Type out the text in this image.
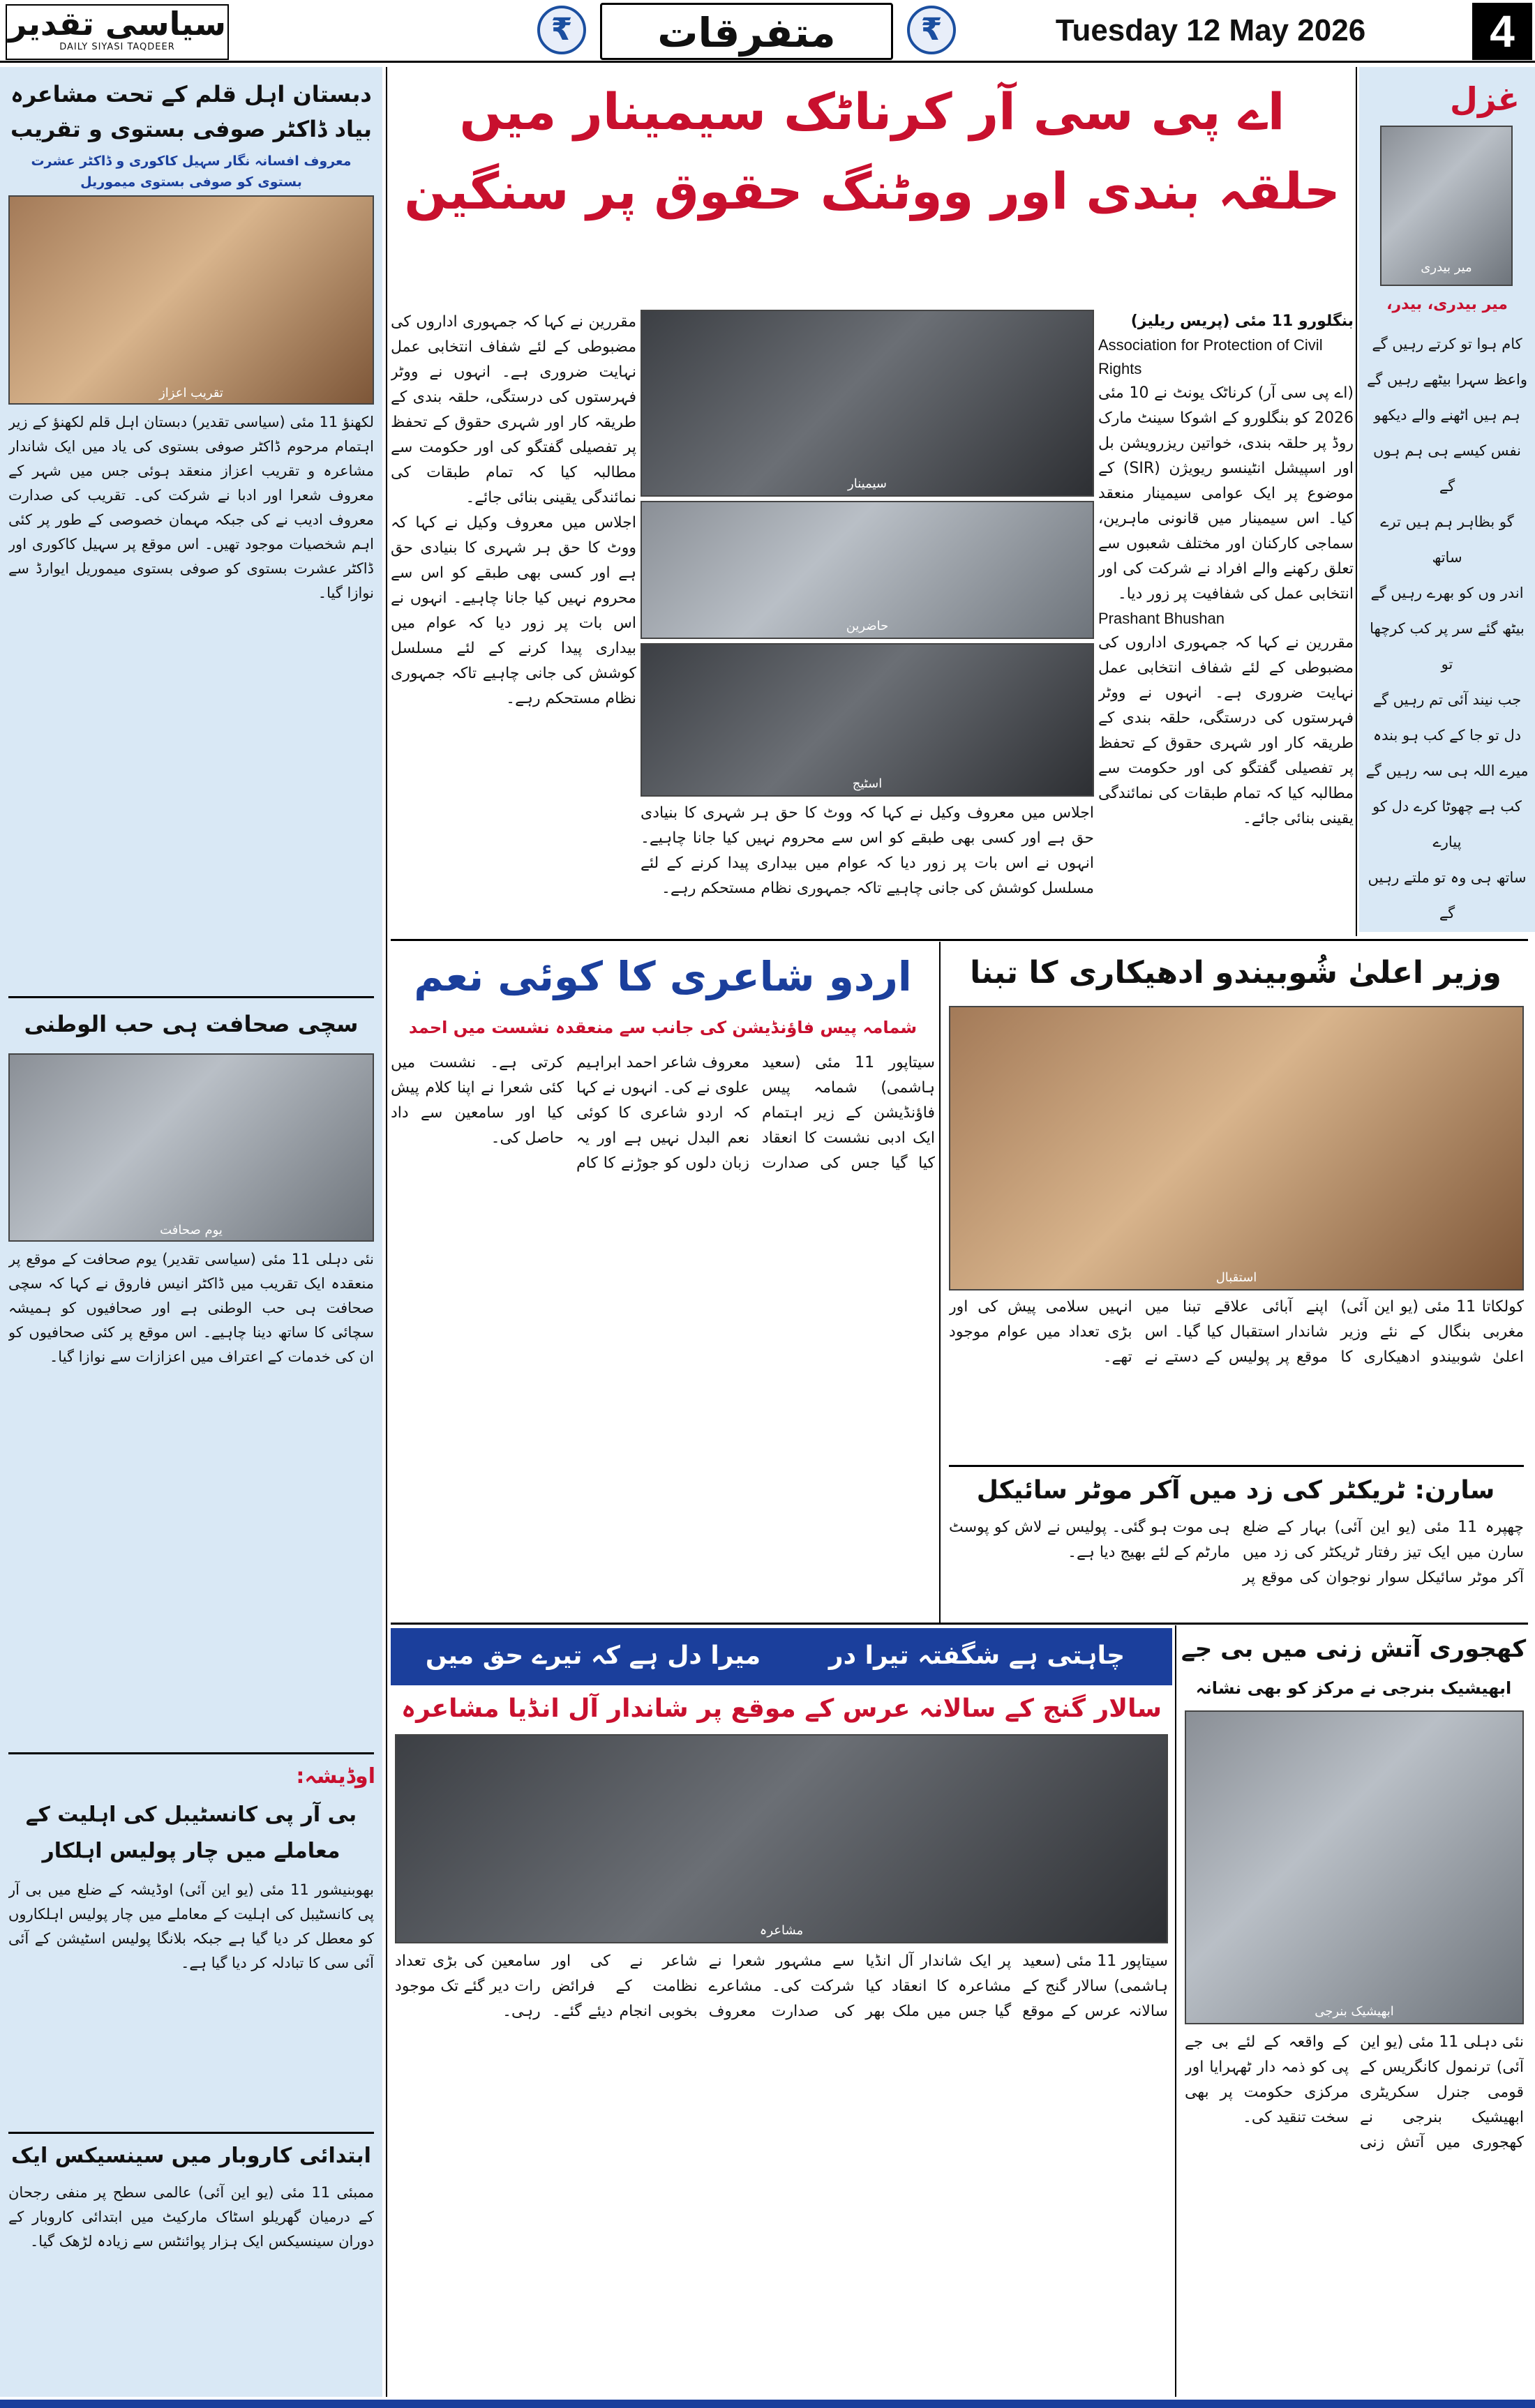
سیاسی تقدیر
DAILY SIYASI TAQDEER	₹	متفرقات	₹	Tuesday 12 May 2026	4
غزل
میر بیدری
میر بیدری، بیدر،
کام ہوا تو کرتے رہیں گے
واعظ سہرا بیٹھے رہیں گے
ہم ہیں اٹھنے والے دیکھو
نفس کیسے ہی ہم ہوں گے
گو بظاہر ہم ہیں ترے ساتھ
اندر وں کو بھرے رہیں گے
بیٹھ گئے سر پر کب کرچھا تو
جب نیند آئی تم رہیں گے
دل تو جا کے کب ہو بندہ
میرے اللہ ہی سہ رہیں گے
کب ہے چھوٹا کرے دل کو پیارے
ساتھ ہی وہ تو ملتے رہیں گے
اے پی سی آر کرناٹک سیمینار میں
حلقہ بندی اور ووٹنگ حقوق پر سنگین
بنگلورو 11 مئی (پریس ریلیز)
Association for Protection of Civil Rights
(اے پی سی آر) کرناٹک یونٹ نے 10 مئی 2026 کو بنگلورو کے اشوکا سینٹ مارک روڈ پر حلقہ بندی، خواتین ریزرویشن بل اور اسپیشل انٹینسو ریویژن (SIR) کے موضوع پر ایک عوامی سیمینار منعقد کیا۔ اس سیمینار میں قانونی ماہرین، سماجی کارکنان اور مختلف شعبوں سے تعلق رکھنے والے افراد نے شرکت کی اور انتخابی عمل کی شفافیت پر زور دیا۔
Prashant Bhushan
مقررین نے کہا کہ جمہوری اداروں کی مضبوطی کے لئے شفاف انتخابی عمل نہایت ضروری ہے۔ انہوں نے ووٹر فہرستوں کی درستگی، حلقہ بندی کے طریقہ کار اور شہری حقوق کے تحفظ پر تفصیلی گفتگو کی اور حکومت سے مطالبہ کیا کہ تمام طبقات کی نمائندگی یقینی بنائی جائے۔
سیمینار
حاضرین
اسٹیج
اجلاس میں معروف وکیل نے کہا کہ ووٹ کا حق ہر شہری کا بنیادی حق ہے اور کسی بھی طبقے کو اس سے محروم نہیں کیا جانا چاہیے۔ انہوں نے اس بات پر زور دیا کہ عوام میں بیداری پیدا کرنے کے لئے مسلسل کوشش کی جانی چاہیے تاکہ جمہوری نظام مستحکم رہے۔
مقررین نے کہا کہ جمہوری اداروں کی مضبوطی کے لئے شفاف انتخابی عمل نہایت ضروری ہے۔ انہوں نے ووٹر فہرستوں کی درستگی، حلقہ بندی کے طریقہ کار اور شہری حقوق کے تحفظ پر تفصیلی گفتگو کی اور حکومت سے مطالبہ کیا کہ تمام طبقات کی نمائندگی یقینی بنائی جائے۔
اجلاس میں معروف وکیل نے کہا کہ ووٹ کا حق ہر شہری کا بنیادی حق ہے اور کسی بھی طبقے کو اس سے محروم نہیں کیا جانا چاہیے۔ انہوں نے اس بات پر زور دیا کہ عوام میں بیداری پیدا کرنے کے لئے مسلسل کوشش کی جانی چاہیے تاکہ جمہوری نظام مستحکم رہے۔
دبستان اہل قلم کے تحت مشاعرہ بیاد ڈاکٹر صوفی بستوی و تقریب
معروف افسانہ نگار سہیل کاکوری و ڈاکٹر عشرت بستوی کو صوفی بستوی میموریل
تقریب اعزاز
لکھنؤ 11 مئی (سیاسی تقدیر) دبستان اہل قلم لکھنؤ کے زیر اہتمام مرحوم ڈاکٹر صوفی بستوی کی یاد میں ایک شاندار مشاعرہ و تقریب اعزاز منعقد ہوئی جس میں شہر کے معروف شعرا اور ادبا نے شرکت کی۔ تقریب کی صدارت معروف ادیب نے کی جبکہ مہمان خصوصی کے طور پر کئی اہم شخصیات موجود تھیں۔ اس موقع پر سہیل کاکوری اور ڈاکٹر عشرت بستوی کو صوفی بستوی میموریل ایوارڈ سے نوازا گیا۔
سچی صحافت ہی حب الوطنی
یوم صحافت
نئی دہلی 11 مئی (سیاسی تقدیر) یوم صحافت کے موقع پر منعقدہ ایک تقریب میں ڈاکٹر انیس فاروق نے کہا کہ سچی صحافت ہی حب الوطنی ہے اور صحافیوں کو ہمیشہ سچائی کا ساتھ دینا چاہیے۔ اس موقع پر کئی صحافیوں کو ان کی خدمات کے اعتراف میں اعزازات سے نوازا گیا۔
اوڈیشہ:
بی آر پی کانسٹیبل کی اہلیت کے معاملے میں چار پولیس اہلکار
بھوبنیشور 11 مئی (یو این آئی) اوڈیشہ کے ضلع میں بی آر پی کانسٹیبل کی اہلیت کے معاملے میں چار پولیس اہلکاروں کو معطل کر دیا گیا ہے جبکہ بلانگا پولیس اسٹیشن کے آئی آئی سی کا تبادلہ کر دیا گیا ہے۔
ابتدائی کاروبار میں سینسیکس ایک
ممبئی 11 مئی (یو این آئی) عالمی سطح پر منفی رجحان کے درمیان گھریلو اسٹاک مارکیٹ میں ابتدائی کاروبار کے دوران سینسیکس ایک ہزار پوائنٹس سے زیادہ لڑھک گیا۔
اردو شاعری کا کوئی نعم
شمامہ پیس فاؤنڈیشن کی جانب سے منعقدہ نشست میں احمد
سیتاپور 11 مئی (سعید ہاشمی) شمامہ پیس فاؤنڈیشن کے زیر اہتمام ایک ادبی نشست کا انعقاد کیا گیا جس کی صدارت معروف شاعر احمد ابراہیم علوی نے کی۔ انہوں نے کہا کہ اردو شاعری کا کوئی نعم البدل نہیں ہے اور یہ زبان دلوں کو جوڑنے کا کام کرتی ہے۔ نشست میں کئی شعرا نے اپنا کلام پیش کیا اور سامعین سے داد حاصل کی۔
وزیر اعلیٰ شُوبیندو ادھیکاری کا تبنا
استقبال
کولکاتا 11 مئی (یو این آئی) مغربی بنگال کے نئے وزیر اعلیٰ شوبیندو ادھیکاری کا اپنے آبائی علاقے تبنا میں شاندار استقبال کیا گیا۔ اس موقع پر پولیس کے دستے نے انہیں سلامی پیش کی اور بڑی تعداد میں عوام موجود تھے۔
سارن: ٹریکٹر کی زد میں آکر موٹر سائیکل
چھپرہ 11 مئی (یو این آئی) بہار کے ضلع سارن میں ایک تیز رفتار ٹریکٹر کی زد میں آکر موٹر سائیکل سوار نوجوان کی موقع پر ہی موت ہو گئی۔ پولیس نے لاش کو پوسٹ مارٹم کے لئے بھیج دیا ہے۔
میرا دل ہے کہ تیرے حق میں	چاہتی ہے شگفتہ تیرا در
سالار گنج کے سالانہ عرس کے موقع پر شاندار آل انڈیا مشاعرہ
مشاعرہ
سیتاپور 11 مئی (سعید ہاشمی) سالار گنج کے سالانہ عرس کے موقع پر ایک شاندار آل انڈیا مشاعرہ کا انعقاد کیا گیا جس میں ملک بھر سے مشہور شعرا نے شرکت کی۔ مشاعرے کی صدارت معروف شاعر نے کی اور نظامت کے فرائض بخوبی انجام دیئے گئے۔ سامعین کی بڑی تعداد رات دیر گئے تک موجود رہی۔
کھجوری آتش زنی میں بی جے
ابھیشیک بنرجی نے مرکز کو بھی نشانہ
ابھیشیک بنرجی
نئی دہلی 11 مئی (یو این آئی) ترنمول کانگریس کے قومی جنرل سکریٹری ابھیشیک بنرجی نے کھجوری میں آتش زنی کے واقعہ کے لئے بی جے پی کو ذمہ دار ٹھہرایا اور مرکزی حکومت پر بھی سخت تنقید کی۔
